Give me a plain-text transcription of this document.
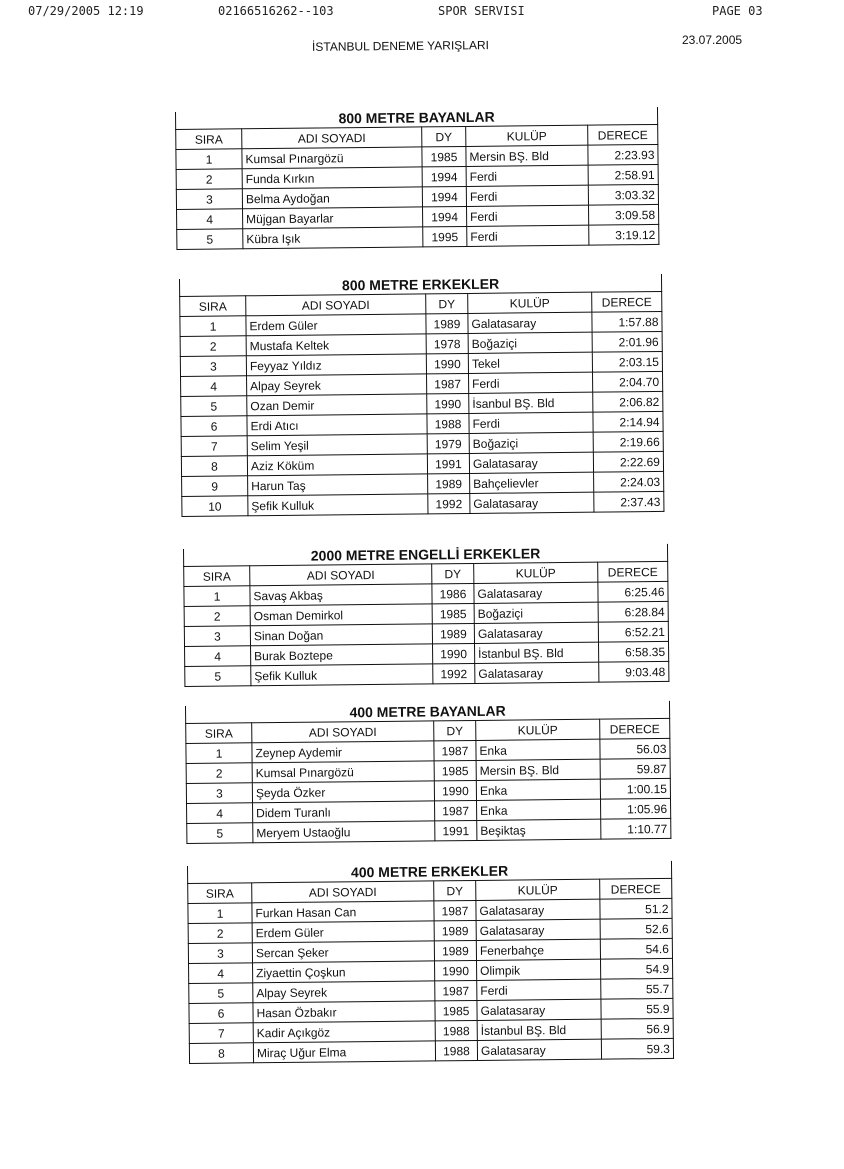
07/29/2005 12:19	02166516262--103	SPOR SERVISI	PAGE 03
İSTANBUL DENEME YARIŞLARI	23.07.2005
800 METRE BAYANLAR
SIRA	ADI SOYADI	DY	KULÜP	DERECE
1	Kumsal Pınargözü	1985	Mersin BŞ. Bld	2:23.93
2	Funda Kırkın	1994	Ferdi	2:58.91
3	Belma Aydoğan	1994	Ferdi	3:03.32
4	Müjgan Bayarlar	1994	Ferdi	3:09.58
5	Kübra Işık	1995	Ferdi	3:19.12
800 METRE ERKEKLER
SIRA	ADI SOYADI	DY	KULÜP	DERECE
1	Erdem Güler	1989	Galatasaray	1:57.88
2	Mustafa Keltek	1978	Boğaziçi	2:01.96
3	Feyyaz Yıldız	1990	Tekel	2:03.15
4	Alpay Seyrek	1987	Ferdi	2:04.70
5	Ozan Demir	1990	İsanbul BŞ. Bld	2:06.82
6	Erdi Atıcı	1988	Ferdi	2:14.94
7	Selim Yeşil	1979	Boğaziçi	2:19.66
8	Aziz Köküm	1991	Galatasaray	2:22.69
9	Harun Taş	1989	Bahçelievler	2:24.03
10	Şefik Kulluk	1992	Galatasaray	2:37.43
2000 METRE ENGELLİ ERKEKLER
SIRA	ADI SOYADI	DY	KULÜP	DERECE
1	Savaş Akbaş	1986	Galatasaray	6:25.46
2	Osman Demirkol	1985	Boğaziçi	6:28.84
3	Sinan Doğan	1989	Galatasaray	6:52.21
4	Burak Boztepe	1990	İstanbul BŞ. Bld	6:58.35
5	Şefik Kulluk	1992	Galatasaray	9:03.48
400 METRE BAYANLAR
SIRA	ADI SOYADI	DY	KULÜP	DERECE
1	Zeynep Aydemir	1987	Enka	56.03
2	Kumsal Pınargözü	1985	Mersin BŞ. Bld	59.87
3	Şeyda Özker	1990	Enka	1:00.15
4	Didem Turanlı	1987	Enka	1:05.96
5	Meryem Ustaoğlu	1991	Beşiktaş	1:10.77
400 METRE ERKEKLER
SIRA	ADI SOYADI	DY	KULÜP	DERECE
1	Furkan Hasan Can	1987	Galatasaray	51.2
2	Erdem Güler	1989	Galatasaray	52.6
3	Sercan Şeker	1989	Fenerbahçe	54.6
4	Ziyaettin Çoşkun	1990	Olimpik	54.9
5	Alpay Seyrek	1987	Ferdi	55.7
6	Hasan Özbakır	1985	Galatasaray	55.9
7	Kadir Açıkgöz	1988	İstanbul BŞ. Bld	56.9
8	Miraç Uğur Elma	1988	Galatasaray	59.3
